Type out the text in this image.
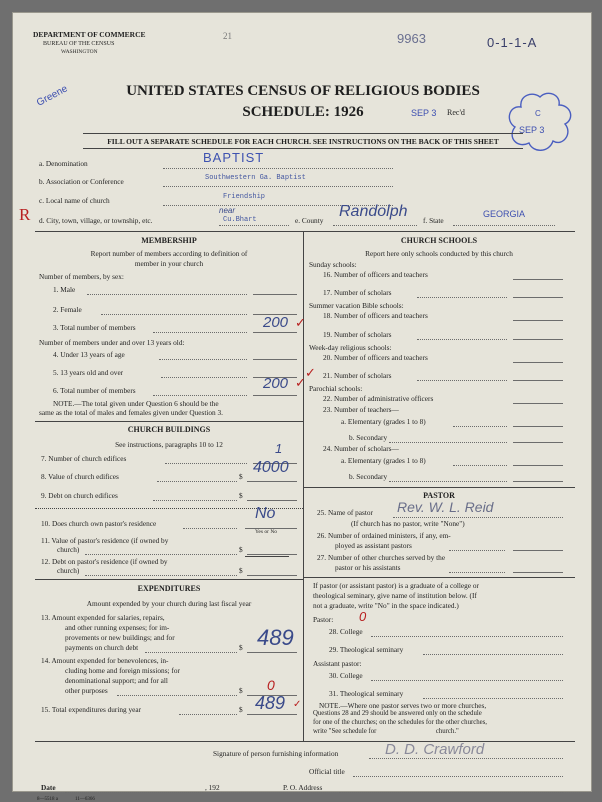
DEPARTMENT OF COMMERCE
BUREAU OF THE CENSUS
WASHINGTON
21	9963	0-1-1-A
Greene	UNITED STATES CENSUS OF RELIGIOUS BODIES
SCHEDULE: 1926	SEP 3 Rec'd	C
SEP 3
FILL OUT A SEPARATE SCHEDULE FOR EACH CHURCH. SEE INSTRUCTIONS ON THE BACK OF THIS SHEET
a. Denomination	BAPTIST
b. Association or Conference	Southwestern Ga. Baptist
c. Local name of church	Friendship
R d. City, town, village, or township, etc.
near
Cu.Bhart	e. County
Randolph
f. State
GEORGIA
MEMBERSHIP
Report number of members according to definition of
member in your church
Number of members, by sex:
1. Male
2. Female
3. Total number of members	200 ✓
Number of members under and over 13 years old:
4. Under 13 years of age
5. 13 years old and over
6. Total number of members	200 ✓
NOTE.—The total given under Question 6 should be the
same as the total of males and females given under Question 3.
CHURCH BUILDINGS
See instructions, paragraphs 10 to 12
7. Number of church edifices
1
8. Value of church edifices	$
4000
9. Debt on church edifices	$
10. Does church own pastor's residence
No
Yes or No
11. Value of pastor's residence (if owned by
church)	$
12. Debt on pastor's residence (if owned by
church)	$
EXPENDITURES
Amount expended by your church during last fiscal year
13. Amount expended for salaries, repairs,
and other running expenses; for im-
provements or new buildings; and for
payments on church debt	$ 489
14. Amount expended for benevolences, in-
cluding home and foreign missions; for
denominational support; and for all
other purposes	$ 0
15. Total expenditures during year	$ 489 ✓
CHURCH SCHOOLS
Report here only schools conducted by this church
Sunday schools:
16. Number of officers and teachers
17. Number of scholars
Summer vacation Bible schools:
18. Number of officers and teachers
19. Number of scholars
Week-day religious schools:
20. Number of officers and teachers
✓ 21. Number of scholars
Parochial schools:
22. Number of administrative officers
23. Number of teachers—
a. Elementary (grades 1 to 8)
b. Secondary
24. Number of scholars—
a. Elementary (grades 1 to 8)
b. Secondary
PASTOR
25. Name of pastor Rev. W. L. Reid
(If church has no pastor, write "None")
26. Number of ordained ministers, if any, em-
ployed as assistant pastors
27. Number of other churches served by the
pastor or his assistants
If pastor (or assistant pastor) is a graduate of a college or
theological seminary, give name of institution below. (If
not a graduate, write "No" in the space indicated.)
Pastor: 0
28. College
29. Theological seminary
Assistant pastor:
30. College
31. Theological seminary
NOTE.—Where one pastor serves two or more churches,
Questions 28 and 29 should be answered only on the schedule
for one of the churches; on the schedules for the other churches,
write "See schedule for                                   church."
Signature of person furnishing information	D. D. Crawford
Official title
Date	, 192	P. O. Address
8—5518 a	11—6366
